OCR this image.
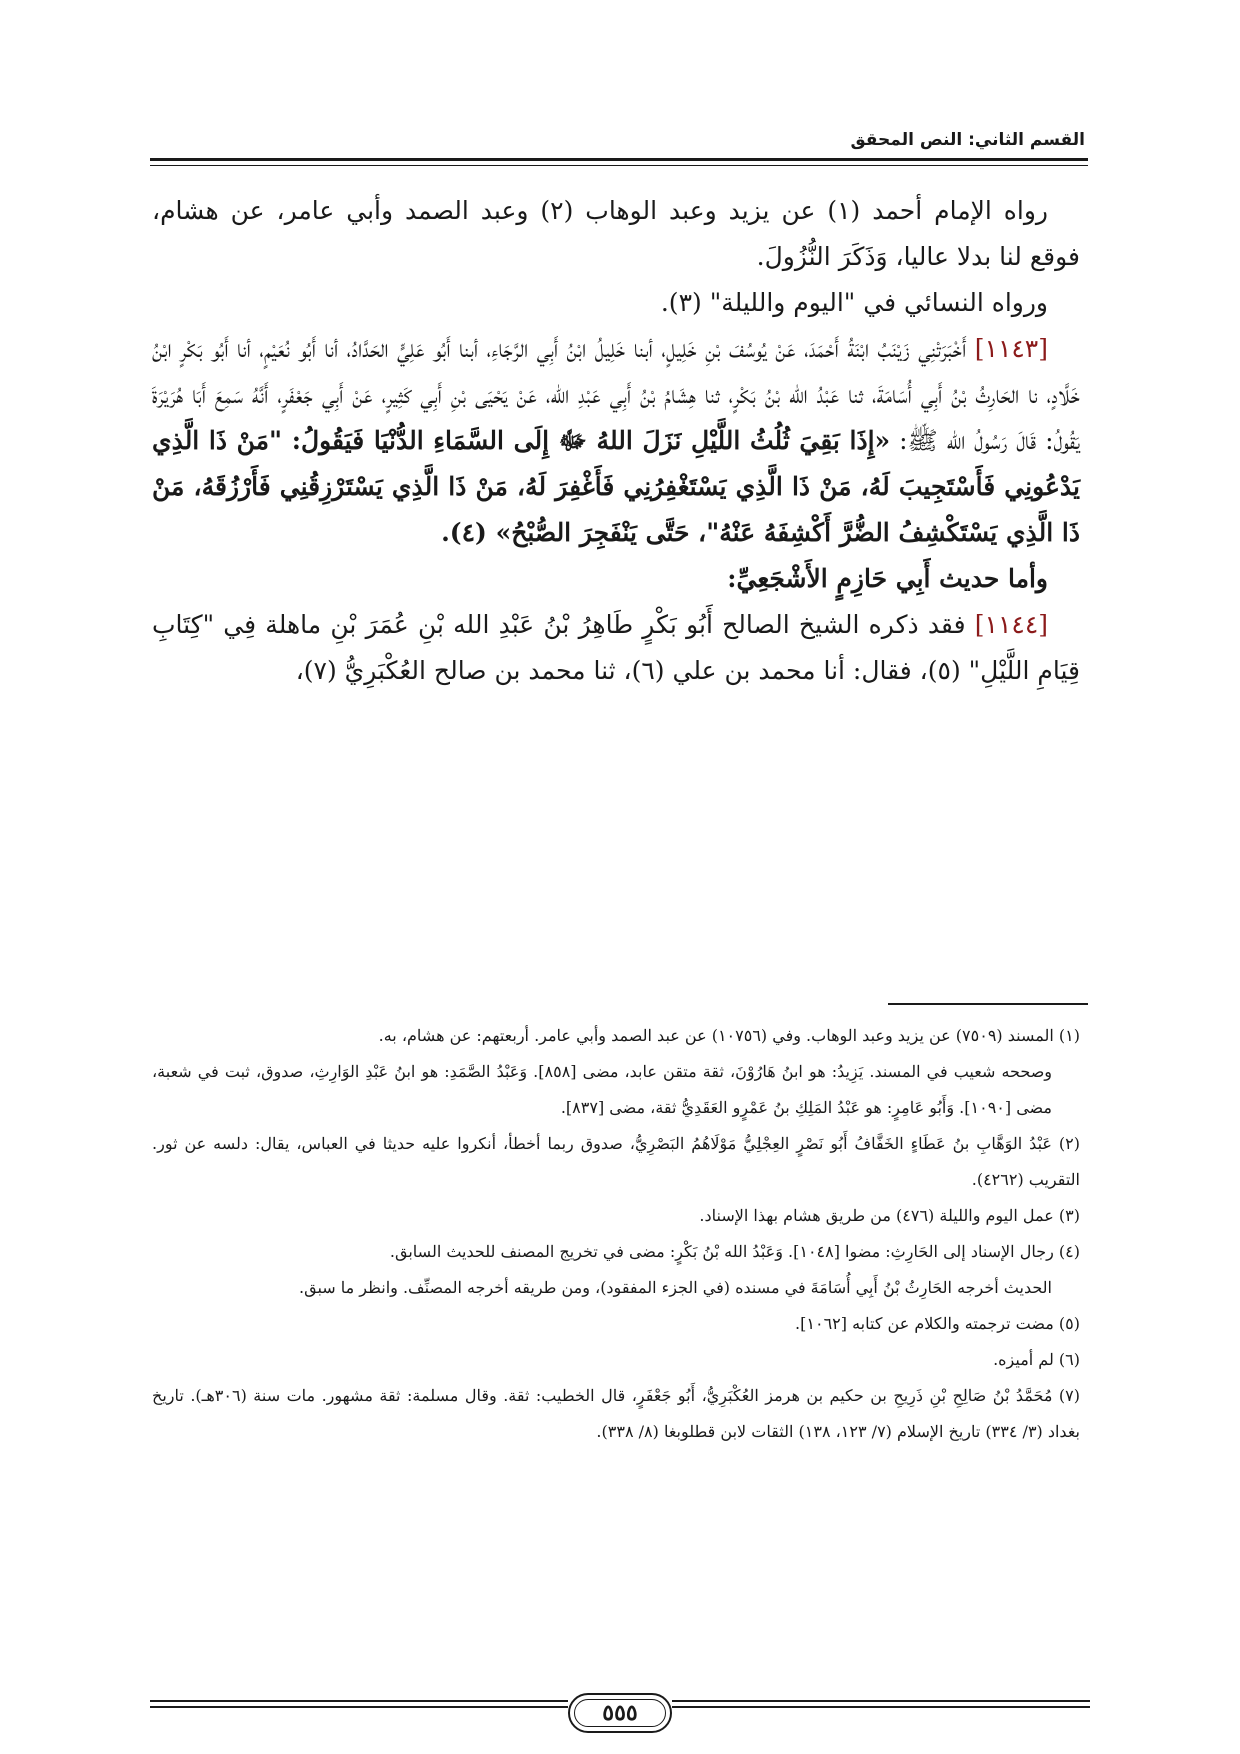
القسم الثاني: النص المحقق

رواه الإمام أحمد (١) عن يزيد وعبد الوهاب (٢) وعبد الصمد وأبي عامر، عن هشام، فوقع لنا بدلا عاليا، وَذَكَرَ النُّزُولَ.

ورواه النسائي في "اليوم والليلة" (٣).

[١١٤٣] أَخْبَرَتْنِي زَيْنَبُ ابْنَةُ أَحْمَدَ، عَنْ يُوسُفَ بْنِ خَلِيلٍ، أبنا خَلِيلُ ابْنُ أَبِي الرَّجَاءِ، أبنا أَبُو عَلِيٍّ الحَدَّادُ، أنا أَبُو نُعَيْمٍ، أنا أَبُو بَكْرٍ ابْنُ خَلَّادٍ، نا الحَارِثُ بْنُ أَبِي أُسَامَةَ، ثنا عَبْدُ الله بْنُ بَكْرٍ، ثنا هِشَامُ بْنُ أَبِي عَبْدِ الله، عَنْ يَحْيَى بْنِ أَبِي كَثِيرٍ، عَنْ أَبِي جَعْفَرٍ، أَنَّهُ سَمِعَ أَبَا هُرَيْرَةَ يَقُولُ: قَالَ رَسُولُ الله ﷺ: «إِذَا بَقِيَ ثُلُثُ اللَّيْلِ نَزَلَ اللهُ ﷻ إِلَى السَّمَاءِ الدُّنْيَا فَيَقُولُ: "مَنْ ذَا الَّذِي يَدْعُونِي فَأَسْتَجِيبَ لَهُ، مَنْ ذَا الَّذِي يَسْتَغْفِرُنِي فَأَغْفِرَ لَهُ، مَنْ ذَا الَّذِي يَسْتَرْزِقُنِي فَأَرْزُقَهُ، مَنْ ذَا الَّذِي يَسْتَكْشِفُ الضُّرَّ أَكْشِفَهُ عَنْهُ"، حَتَّى يَنْفَجِرَ الصُّبْحُ» (٤).

وأما حديث أَبِي حَازِمٍ الأَشْجَعِيِّ:

[١١٤٤] فقد ذكره الشيخ الصالح أَبُو بَكْرٍ طَاهِرُ بْنُ عَبْدِ الله بْنِ عُمَرَ بْنِ ماهلة فِي "كِتَابِ قِيَامِ اللَّيْلِ" (٥)، فقال: أنا محمد بن علي (٦)، ثنا محمد بن صالح العُكْبَرِيُّ (٧)،

(١) المسند (٧٥٠٩) عن يزيد وعبد الوهاب. وفي (١٠٧٥٦) عن عبد الصمد وأبي عامر. أربعتهم: عن هشام، به.

وصححه شعيب في المسند. يَزِيدُ: هو ابنُ هَارُوْنَ، ثقة متقن عابد، مضى [٨٥٨]. وَعَبْدُ الصَّمَدِ: هو ابنُ عَبْدِ الوَارِثِ، صدوق، ثبت في شعبة، مضى [١٠٩٠]. وَأَبُو عَامِرٍ: هو عَبْدُ المَلِكِ بنُ عَمْرٍو العَقَدِيُّ ثقة، مضى [٨٣٧].

(٢) عَبْدُ الوَهَّابِ بنُ عَطَاءٍ الخَفَّافُ أَبُو نَصْرٍ العِجْلِيُّ مَوْلَاهُمُ البَصْرِيُّ، صدوق ربما أخطأ، أنكروا عليه حديثا في العباس، يقال: دلسه عن ثور. التقريب (٤٢٦٢).

(٣) عمل اليوم والليلة (٤٧٦) من طريق هشام بهذا الإسناد.

(٤) رجال الإسناد إلى الحَارِثِ: مضوا [١٠٤٨]. وَعَبْدُ الله بْنُ بَكْرٍ: مضى في تخريج المصنف للحديث السابق.

الحديث أخرجه الحَارِثُ بْنُ أَبِي أُسَامَةَ في مسنده (في الجزء المفقود)، ومن طريقه أخرجه المصنِّف. وانظر ما سبق.

(٥) مضت ترجمته والكلام عن كتابه [١٠٦٢].

(٦) لم أميزه.

(٧) مُحَمَّدُ بْنُ صَالِحِ بْنِ ذَرِيحِ بن حكيم بن هرمز العُكْبَرِيُّ، أَبُو جَعْفَرٍ، قال الخطيب: ثقة. وقال مسلمة: ثقة مشهور. مات سنة (٣٠٦هـ). تاريخ بغداد (٣/ ٣٣٤) تاريخ الإسلام (٧/ ١٢٣، ١٣٨) الثقات لابن قطلوبغا (٨/ ٣٣٨).

٥٥٥
